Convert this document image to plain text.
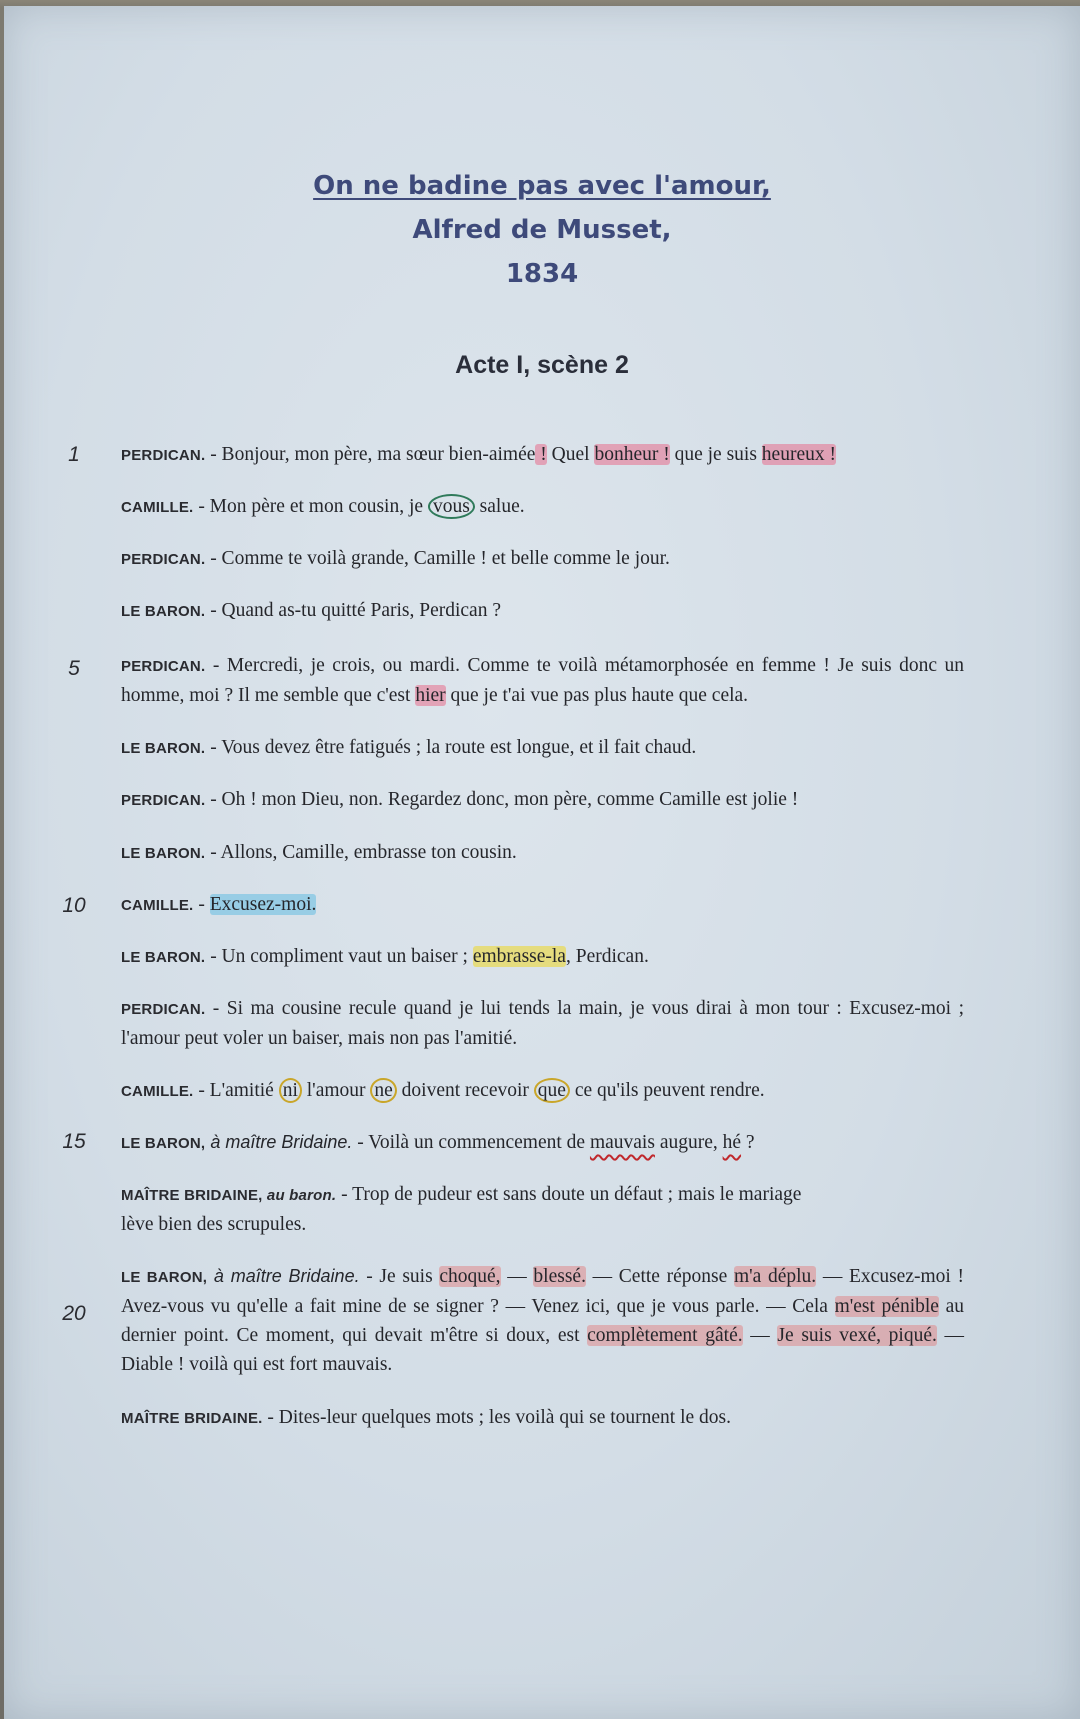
On ne badine pas avec l'amour,
Alfred de Musset,
1834
Acte I, scène 2
1
5
10
15
20
PERDICAN. - Bonjour, mon père, ma sœur bien-aimée ! Quel bonheur ! que je suis heureux !
CAMILLE. - Mon père et mon cousin, je vous salue.
PERDICAN. - Comme te voilà grande, Camille ! et belle comme le jour.
LE BARON. - Quand as-tu quitté Paris, Perdican ?
PERDICAN. - Mercredi, je crois, ou mardi. Comme te voilà métamorphosée en femme ! Je suis donc un homme, moi ? Il me semble que c'est hier que je t'ai vue pas plus haute que cela.
LE BARON. - Vous devez être fatigués ; la route est longue, et il fait chaud.
PERDICAN. - Oh ! mon Dieu, non. Regardez donc, mon père, comme Camille est jolie !
LE BARON. - Allons, Camille, embrasse ton cousin.
CAMILLE. - Excusez-moi.
LE BARON. - Un compliment vaut un baiser ; embrasse-la, Perdican.
PERDICAN. - Si ma cousine recule quand je lui tends la main, je vous dirai à mon tour : Excusez-moi ; l'amour peut voler un baiser, mais non pas l'amitié.
CAMILLE. - L'amitié ni l'amour ne doivent recevoir que ce qu'ils peuvent rendre.
LE BARON, à maître Bridaine. - Voilà un commencement de mauvais augure, hé ?
MAÎTRE BRIDAINE, au baron. - Trop de pudeur est sans doute un défaut ; mais le mariage
lève bien des scrupules.
LE BARON, à maître Bridaine. - Je suis choqué, — blessé. — Cette réponse m'a déplu. — Excusez-moi ! Avez-vous vu qu'elle a fait mine de se signer ? — Venez ici, que je vous parle. — Cela m'est pénible au dernier point. Ce moment, qui devait m'être si doux, est complètement gâté. — Je suis vexé, piqué. — Diable ! voilà qui est fort mauvais.
MAÎTRE BRIDAINE. - Dites-leur quelques mots ; les voilà qui se tournent le dos.
